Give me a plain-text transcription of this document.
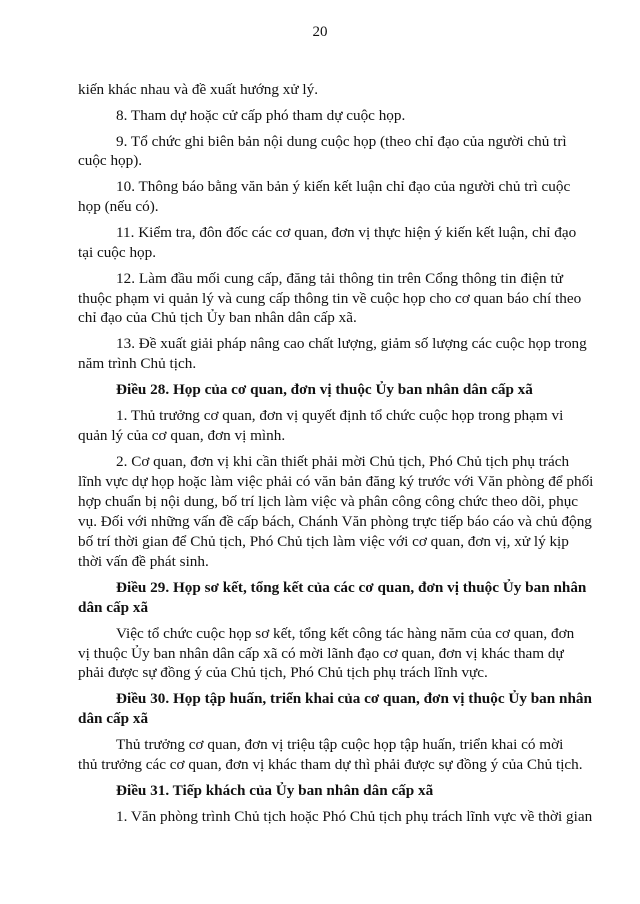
20
kiến khác nhau và đề xuất hướng xử lý.
8. Tham dự hoặc cử cấp phó tham dự cuộc họp.
9. Tổ chức ghi biên bản nội dung cuộc họp (theo chỉ đạo của người chủ trì
cuộc họp).
10. Thông báo bằng văn bản ý kiến kết luận chỉ đạo của người chủ trì cuộc
họp (nếu có).
11. Kiểm tra, đôn đốc các cơ quan, đơn vị thực hiện ý kiến kết luận, chỉ đạo
tại cuộc họp.
12. Làm đầu mối cung cấp, đăng tải thông tin trên Cổng thông tin điện tử
thuộc phạm vi quản lý và cung cấp thông tin về cuộc họp cho cơ quan báo chí theo
chỉ đạo của Chủ tịch Ủy ban nhân dân cấp xã.
13. Đề xuất giải pháp nâng cao chất lượng, giảm số lượng các cuộc họp trong
năm trình Chủ tịch.
Điều 28. Họp của cơ quan, đơn vị thuộc Ủy ban nhân dân cấp xã
1. Thủ trưởng cơ quan, đơn vị quyết định tổ chức cuộc họp trong phạm vi
quản lý của cơ quan, đơn vị mình.
2. Cơ quan, đơn vị khi cần thiết phải mời Chủ tịch, Phó Chủ tịch phụ trách
lĩnh vực dự họp hoặc làm việc phải có văn bản đăng ký trước với Văn phòng để phối
hợp chuẩn bị nội dung, bố trí lịch làm việc và phân công công chức theo dõi, phục
vụ. Đối với những vấn đề cấp bách, Chánh Văn phòng trực tiếp báo cáo và chủ động
bố trí thời gian để Chủ tịch, Phó Chủ tịch làm việc với cơ quan, đơn vị, xử lý kịp
thời vấn đề phát sinh.
Điều 29. Họp sơ kết, tổng kết của các cơ quan, đơn vị thuộc Ủy ban nhân
dân cấp xã
Việc tổ chức cuộc họp sơ kết, tổng kết công tác hàng năm của cơ quan, đơn
vị thuộc Ủy ban nhân dân cấp xã có mời lãnh đạo cơ quan, đơn vị khác tham dự
phải được sự đồng ý của Chủ tịch, Phó Chủ tịch phụ trách lĩnh vực.
Điều 30. Họp tập huấn, triển khai của cơ quan, đơn vị thuộc Ủy ban nhân
dân cấp xã
Thủ trưởng cơ quan, đơn vị triệu tập cuộc họp tập huấn, triển khai có mời
thủ trưởng các cơ quan, đơn vị khác tham dự thì phải được sự đồng ý của Chủ tịch.
Điều 31. Tiếp khách của Ủy ban nhân dân cấp xã
1. Văn phòng trình Chủ tịch hoặc Phó Chủ tịch phụ trách lĩnh vực về thời gian
